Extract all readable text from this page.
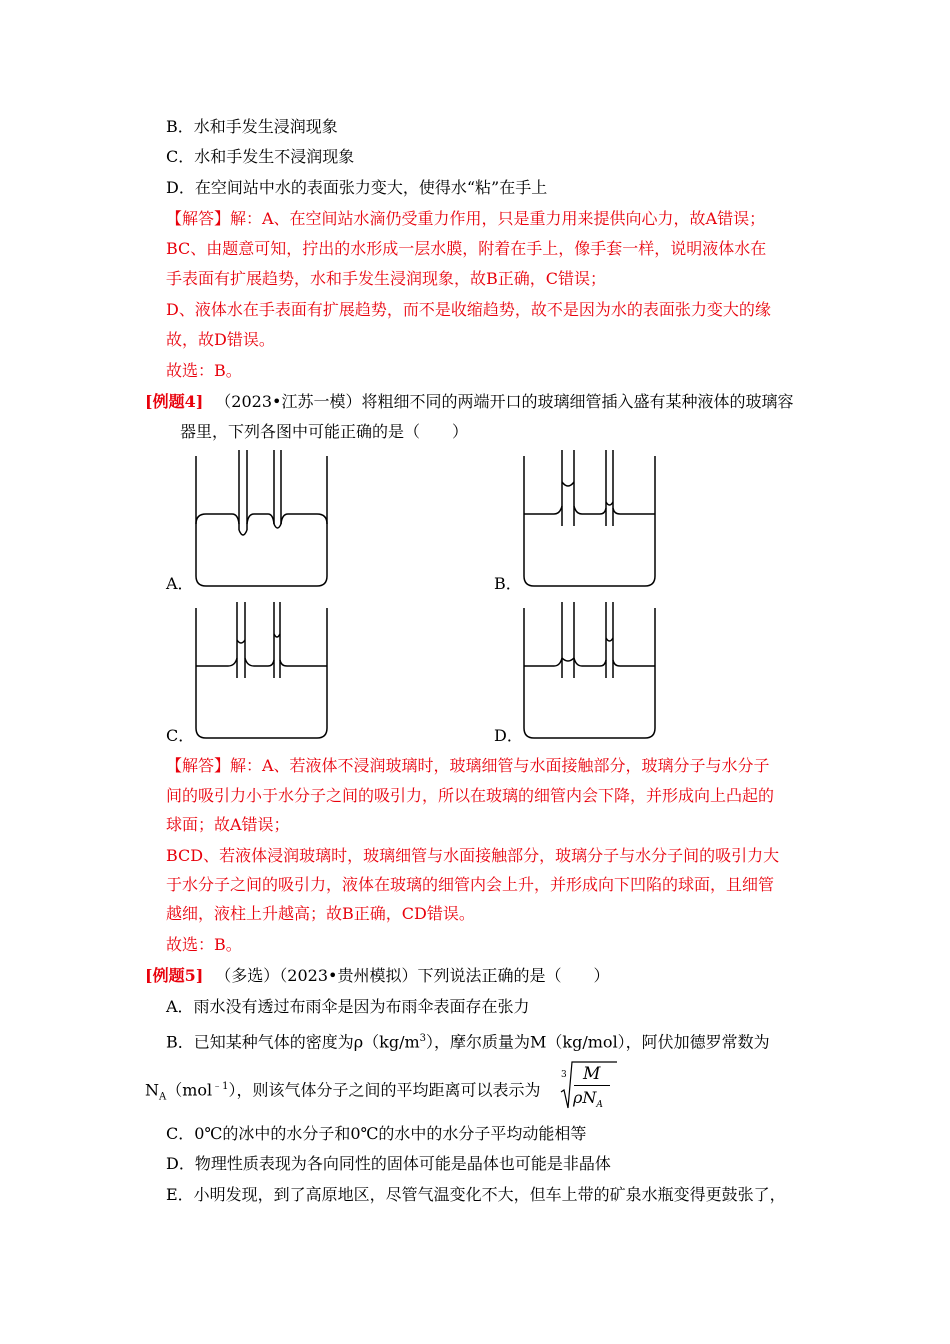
B．水和手发生浸润现象
C．水和手发生不浸润现象
D．在空间站中水的表面张力变大，使得水“粘”在手上
【解答】解：A、在空间站水滴仍受重力作用，只是重力用来提供向心力，故A错误；
BC、由题意可知，拧出的水形成一层水膜，附着在手上，像手套一样，说明液体水在
手表面有扩展趋势，水和手发生浸润现象，故B正确，C错误；
D、液体水在手表面有扩展趋势，而不是收缩趋势，故不是因为水的表面张力变大的缘
故，故D错误。
故选：B。
[例题4] （2023•江苏一模）将粗细不同的两端开口的玻璃细管插入盛有某种液体的玻璃容
器里，下列各图中可能正确的是（　　）
A．	B．
C．	D．
【解答】解：A、若液体不浸润玻璃时，玻璃细管与水面接触部分，玻璃分子与水分子
间的吸引力小于水分子之间的吸引力，所以在玻璃的细管内会下降，并形成向上凸起的
球面；故A错误；
BCD、若液体浸润玻璃时，玻璃细管与水面接触部分，玻璃分子与水分子间的吸引力大
于水分子之间的吸引力，液体在玻璃的细管内会上升，并形成向下凹陷的球面，且细管
越细，液柱上升越高；故B正确，CD错误。
故选：B。
[例题5] （多选）（2023•贵州模拟）下列说法正确的是（　　）
A．雨水没有透过布雨伞是因为布雨伞表面存在张力
B．已知某种气体的密度为$\rho(kg/m^3)$，摩尔质量为M（kg/mol），阿伏加德罗常数为
$N_A(mol^{﹣1})$，则该气体分子之间的平均距离可以表示为
3 M
$\rho N_A$
C．0℃的冰中的水分子和0℃的水中的水分子平均动能相等
D．物理性质表现为各向同性的固体可能是晶体也可能是非晶体
E．小明发现，到了高原地区，尽管气温变化不大，但车上带的矿泉水瓶变得更鼓张了，
